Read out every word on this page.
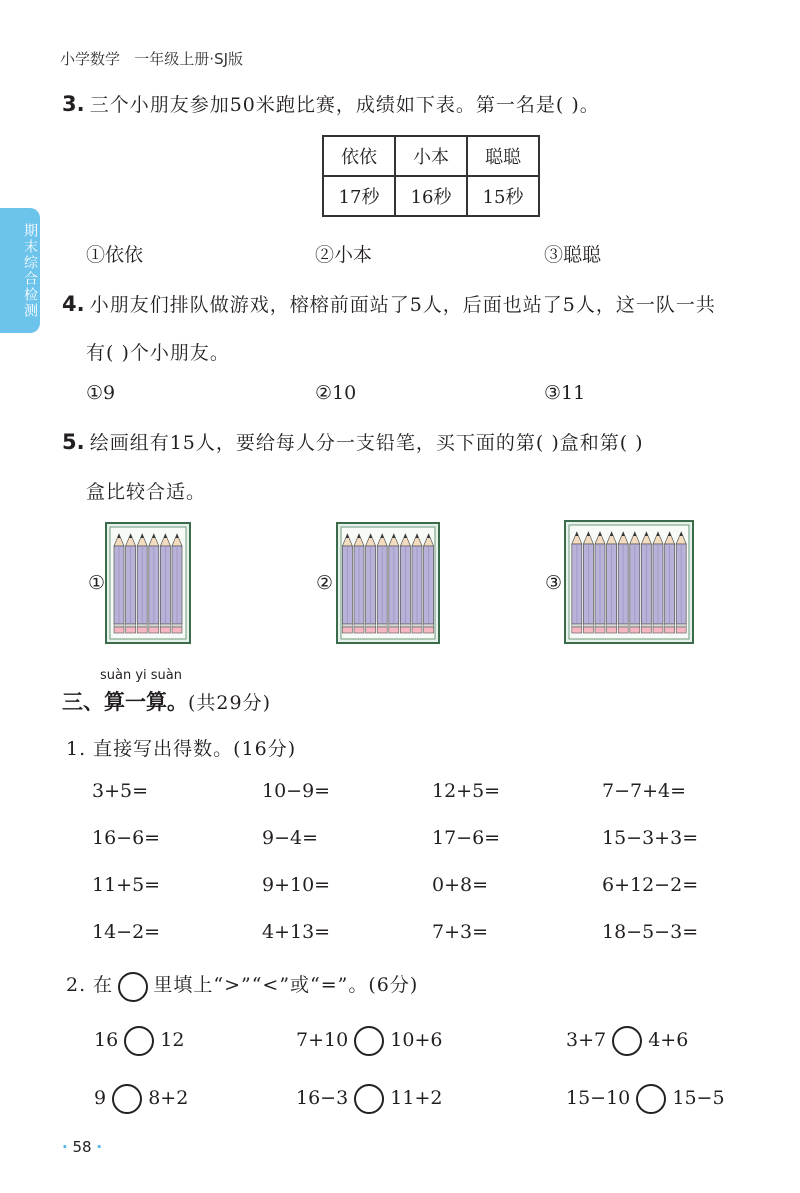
小学数学   一年级上册·SJ版
期末综合检测
3. 三个小朋友参加50米跑比赛，成绩如下表。第一名是( )。
依依	小本	聪聪
17秒	16秒	15秒
①依依	②小本	③聪聪
4. 小朋友们排队做游戏，榕榕前面站了5人，后面也站了5人，这一队一共
有( )个小朋友。
①9	②10	③11
5. 绘画组有15人，要给每人分一支铅笔，买下面的第( )盒和第( )
盒比较合适。
①	②	③
suàn yi suàn
三、算一算。(共29分)
1. 直接写出得数。(16分)
3+5=	10−9=	12+5=	7−7+4=
16−6=	9−4=	17−6=	15−3+3=
11+5=	9+10=	0+8=	6+12−2=
14−2=	4+13=	7+3=	18−5−3=
2. 在 里填上“>”“<”或“=”。(6分)
16 12	7+10 10+6	3+7 4+6
9 8+2	16−3 11+2	15−10 15−5
· 58 ·
